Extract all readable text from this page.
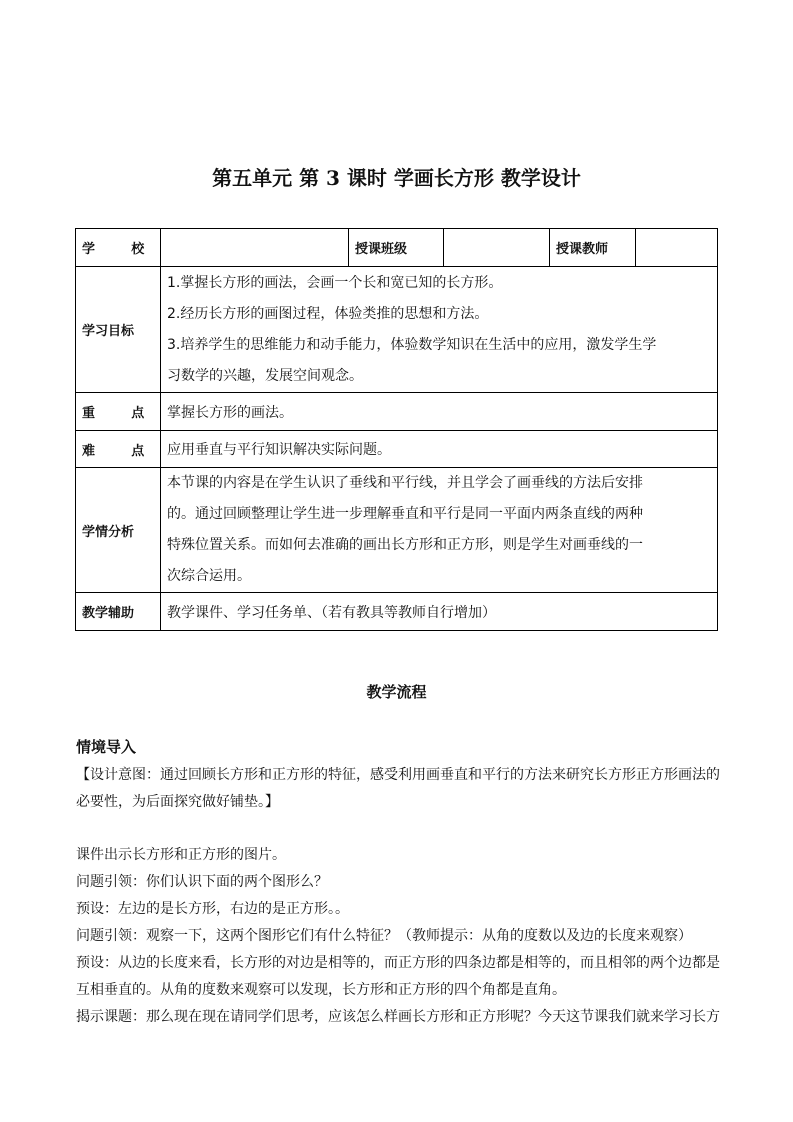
第五单元 第 3 课时 学画长方形 教学设计
学        校		授课班级		授课教师	
学习目标	1.掌握长方形的画法，会画一个长和宽已知的长方形。
2.经历长方形的画图过程，体验类推的思想和方法。
3.培养学生的思维能力和动手能力，体验数学知识在生活中的应用，激发学生学
习数学的兴趣，发展空间观念。				

重        点	掌握长方形的画法。				
难        点	应用垂直与平行知识解决实际问题。				
学情分析	本节课的内容是在学生认识了垂线和平行线，并且学会了画垂线的方法后安排
的。通过回顾整理让学生进一步理解垂直和平行是同一平面内两条直线的两种
特殊位置关系。而如何去准确的画出长方形和正方形，则是学生对画垂线的一
次综合运用。				

教学辅助	教学课件、学习任务单、（若有教具等教师自行增加）				
教学流程
情境导入

【设计意图：通过回顾长方形和正方形的特征，感受利用画垂直和平行的方法来研究长方形正方形画法的

必要性，为后面探究做好铺垫。】

课件出示长方形和正方形的图片。

问题引领：你们认识下面的两个图形么？

预设：左边的是长方形，右边的是正方形。。

问题引领：观察一下，这两个图形它们有什么特征？（教师提示：从角的度数以及边的长度来观察）

预设：从边的长度来看，长方形的对边是相等的，而正方形的四条边都是相等的，而且相邻的两个边都是

互相垂直的。从角的度数来观察可以发现，长方形和正方形的四个角都是直角。

揭示课题：那么现在现在请同学们思考，应该怎么样画长方形和正方形呢？今天这节课我们就来学习长方
